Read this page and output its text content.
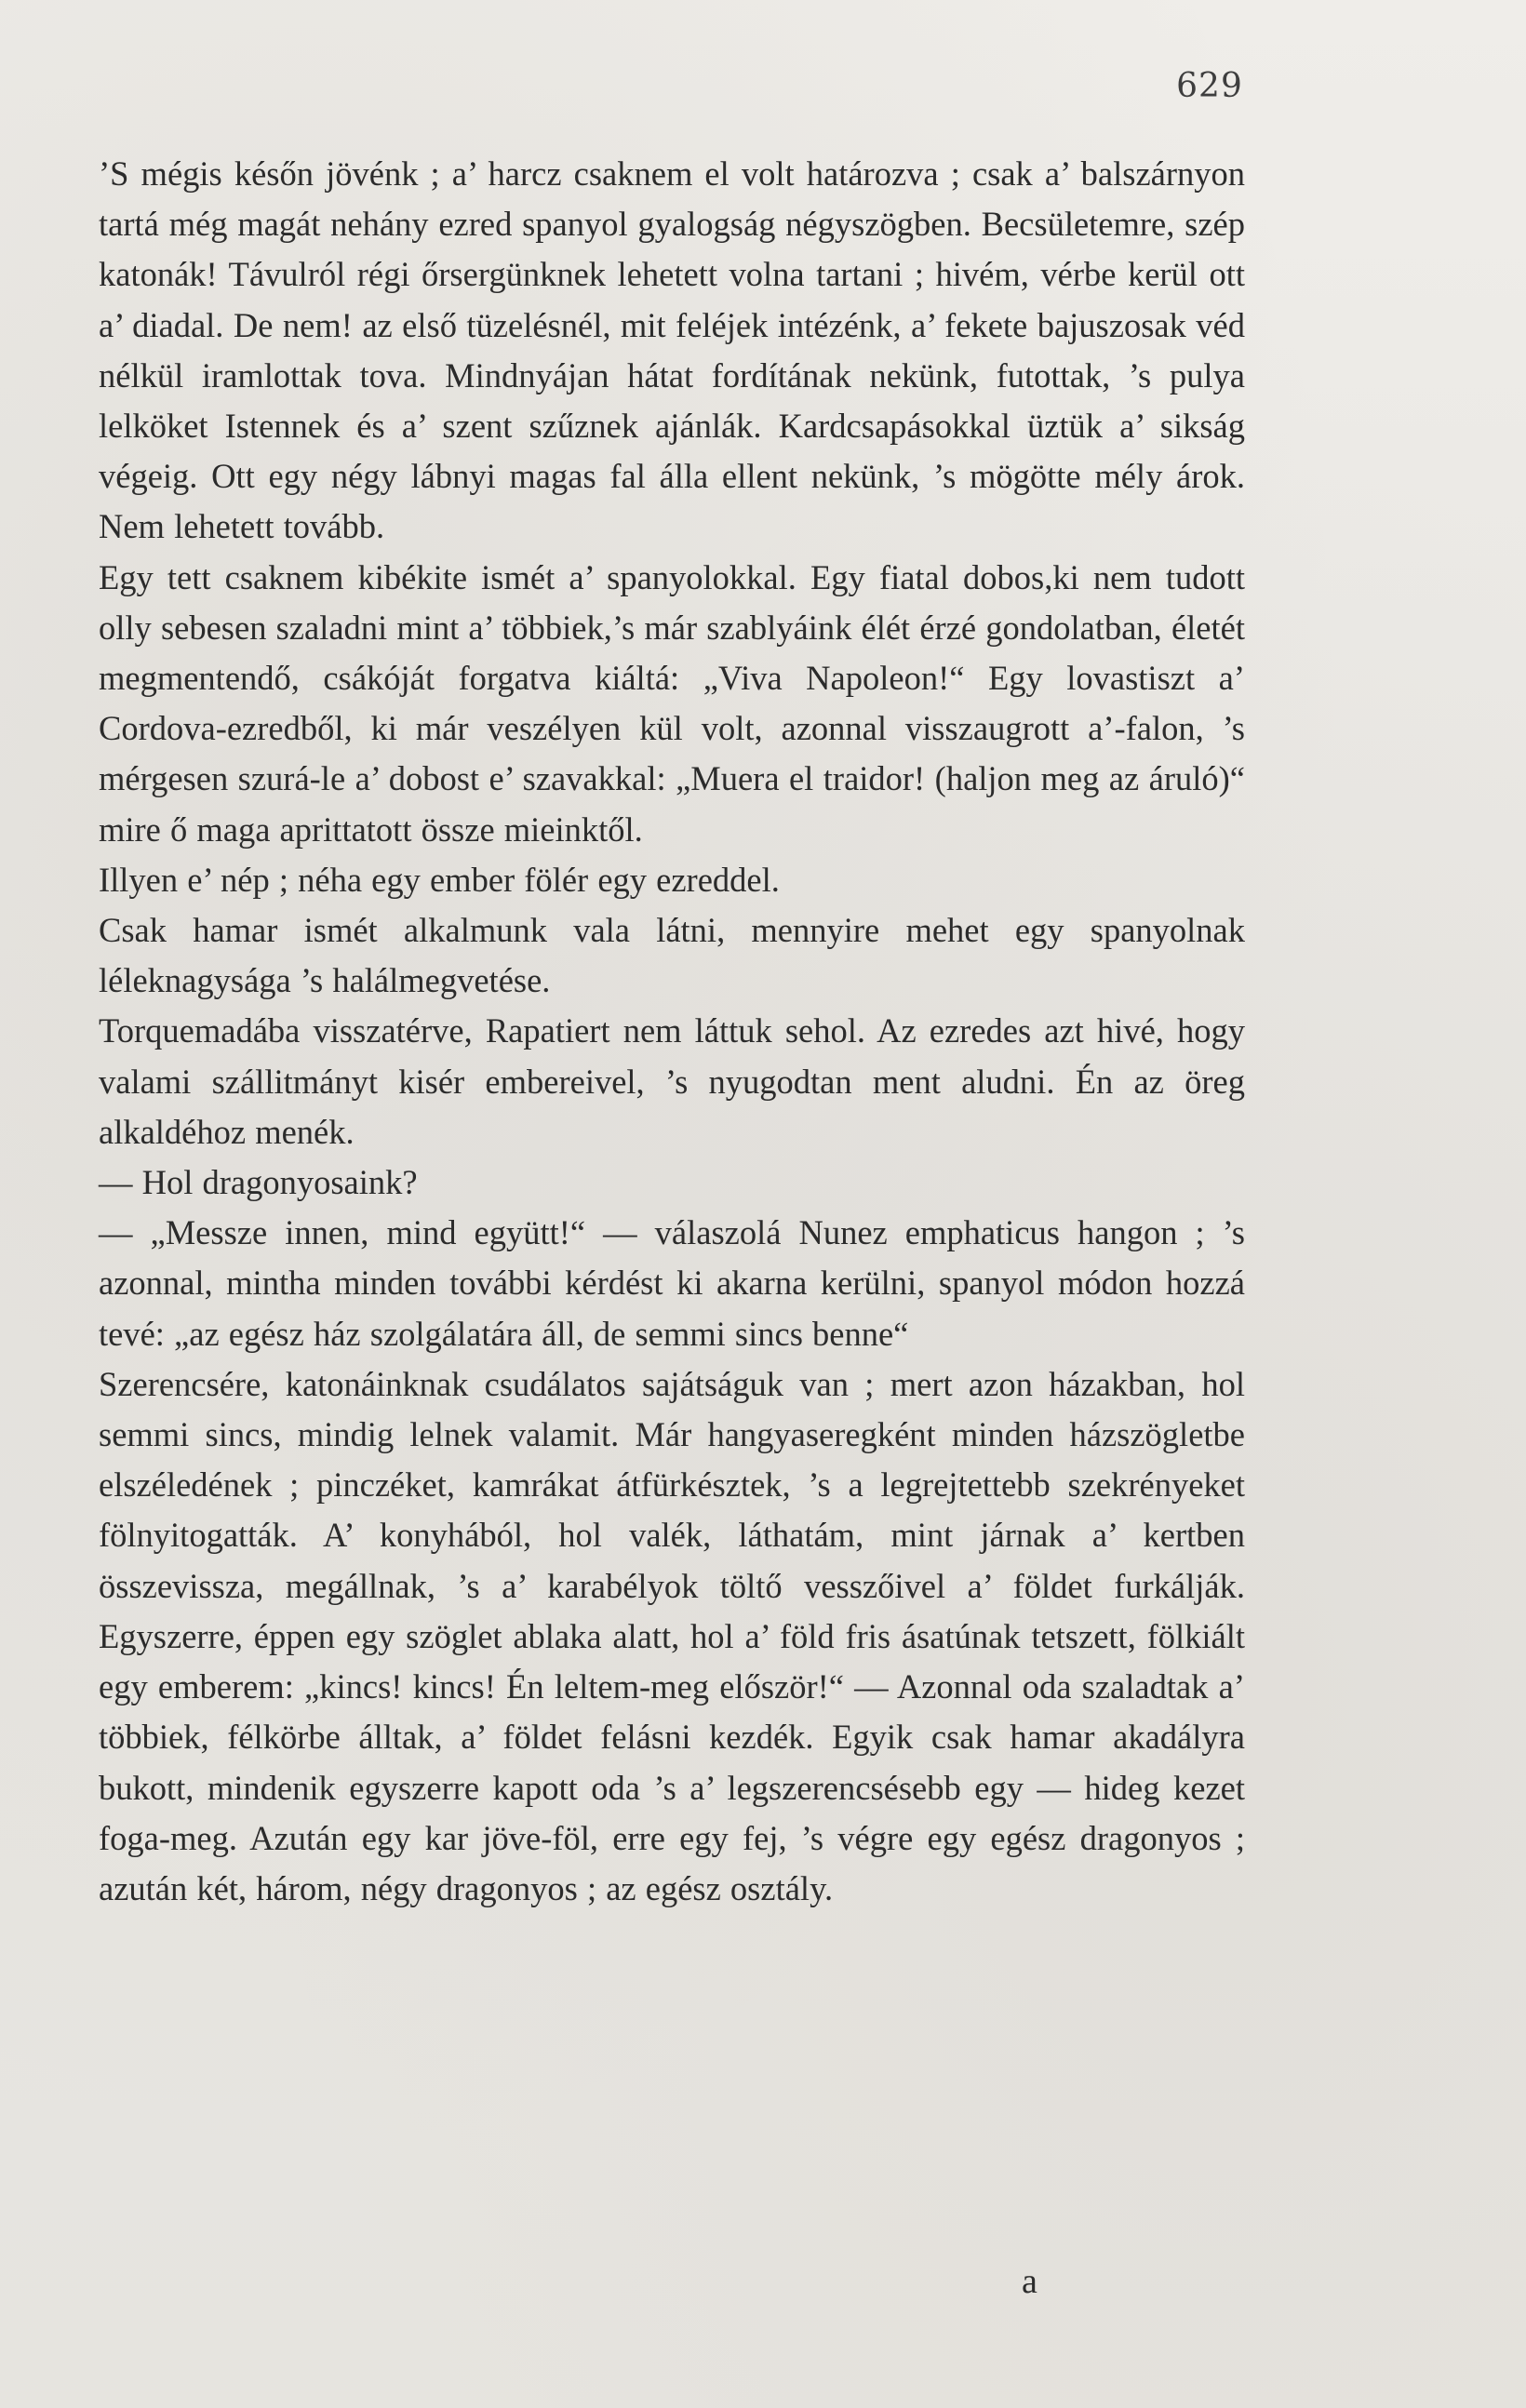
629

’S mégis későn jövénk ; a’ harcz csaknem el volt határozva ; csak a’ balszárnyon tartá még magát nehány ezred spanyol gyalogság négyszögben. Becsületemre, szép katonák! Távulról régi őrsergünknek lehetett volna tartani ; hivém, vérbe kerül ott a’ diadal. De nem! az első tüzelésnél, mit feléjek intézénk, a’ fekete bajuszosak véd nélkül iramlottak tova. Mindnyájan hátat fordítának nekünk, futottak, ’s pulya lelköket Istennek és a’ szent szűznek ajánlák. Kardcsapásokkal üztük a’ sikság végeig. Ott egy négy lábnyi magas fal álla ellent nekünk, ’s mögötte mély árok. Nem lehetett tovább.

Egy tett csaknem kibékite ismét a’ spanyolokkal. Egy fiatal dobos,ki nem tudott olly sebesen szaladni mint a’ többiek,’s már szablyáink élét érzé gondolatban, életét megmentendő, csákóját forgatva kiáltá: „Viva Napoleon!“ Egy lovastiszt a’ Cordova-ezredből, ki már veszélyen kül volt, azonnal visszaugrott a’-falon, ’s mérgesen szurá-le a’ dobost e’ szavakkal: „Muera el traidor! (haljon meg az áruló)“ mire ő maga aprittatott össze mieinktől.

Illyen e’ nép ; néha egy ember fölér egy ezreddel.

Csak hamar ismét alkalmunk vala látni, mennyire mehet egy spanyolnak léleknagysága ’s halálmegvetése.

Torquemadába visszatérve, Rapatiert nem láttuk sehol. Az ezredes azt hivé, hogy valami szállitmányt kisér embereivel, ’s nyugodtan ment aludni. Én az öreg alkaldéhoz menék.

— Hol dragonyosaink?

— „Messze innen, mind együtt!“ — válaszolá Nunez emphaticus hangon ; ’s azonnal, mintha minden további kérdést ki akarna kerülni, spanyol módon hozzá tevé: „az egész ház szolgálatára áll, de semmi sincs benne“

Szerencsére, katonáinknak csudálatos sajátságuk van ; mert azon házakban, hol semmi sincs, mindig lelnek valamit. Már hangyaseregként minden házszögletbe elszéledének ; pinczéket, kamrákat átfürkésztek, ’s a legrejtettebb szekrényeket fölnyitogatták. A’ konyhából, hol valék, láthatám, mint járnak a’ kertben összevissza, megállnak, ’s a’ karabélyok töltő vesszőivel a’ földet furkálják. Egyszerre, éppen egy szöglet ablaka alatt, hol a’ föld fris ásatúnak tetszett, fölkiált egy emberem: „kincs! kincs! Én leltem-meg először!“ — Azonnal oda szaladtak a’ többiek, félkörbe álltak, a’ földet felásni kezdék. Egyik csak hamar akadályra bukott, mindenik egyszerre kapott oda ’s a’ legszerencsésebb egy — hideg kezet foga-meg. Azután egy kar jöve-föl, erre egy fej, ’s végre egy egész dragonyos ; azután két, három, négy dragonyos ; az egész osztály.

a
